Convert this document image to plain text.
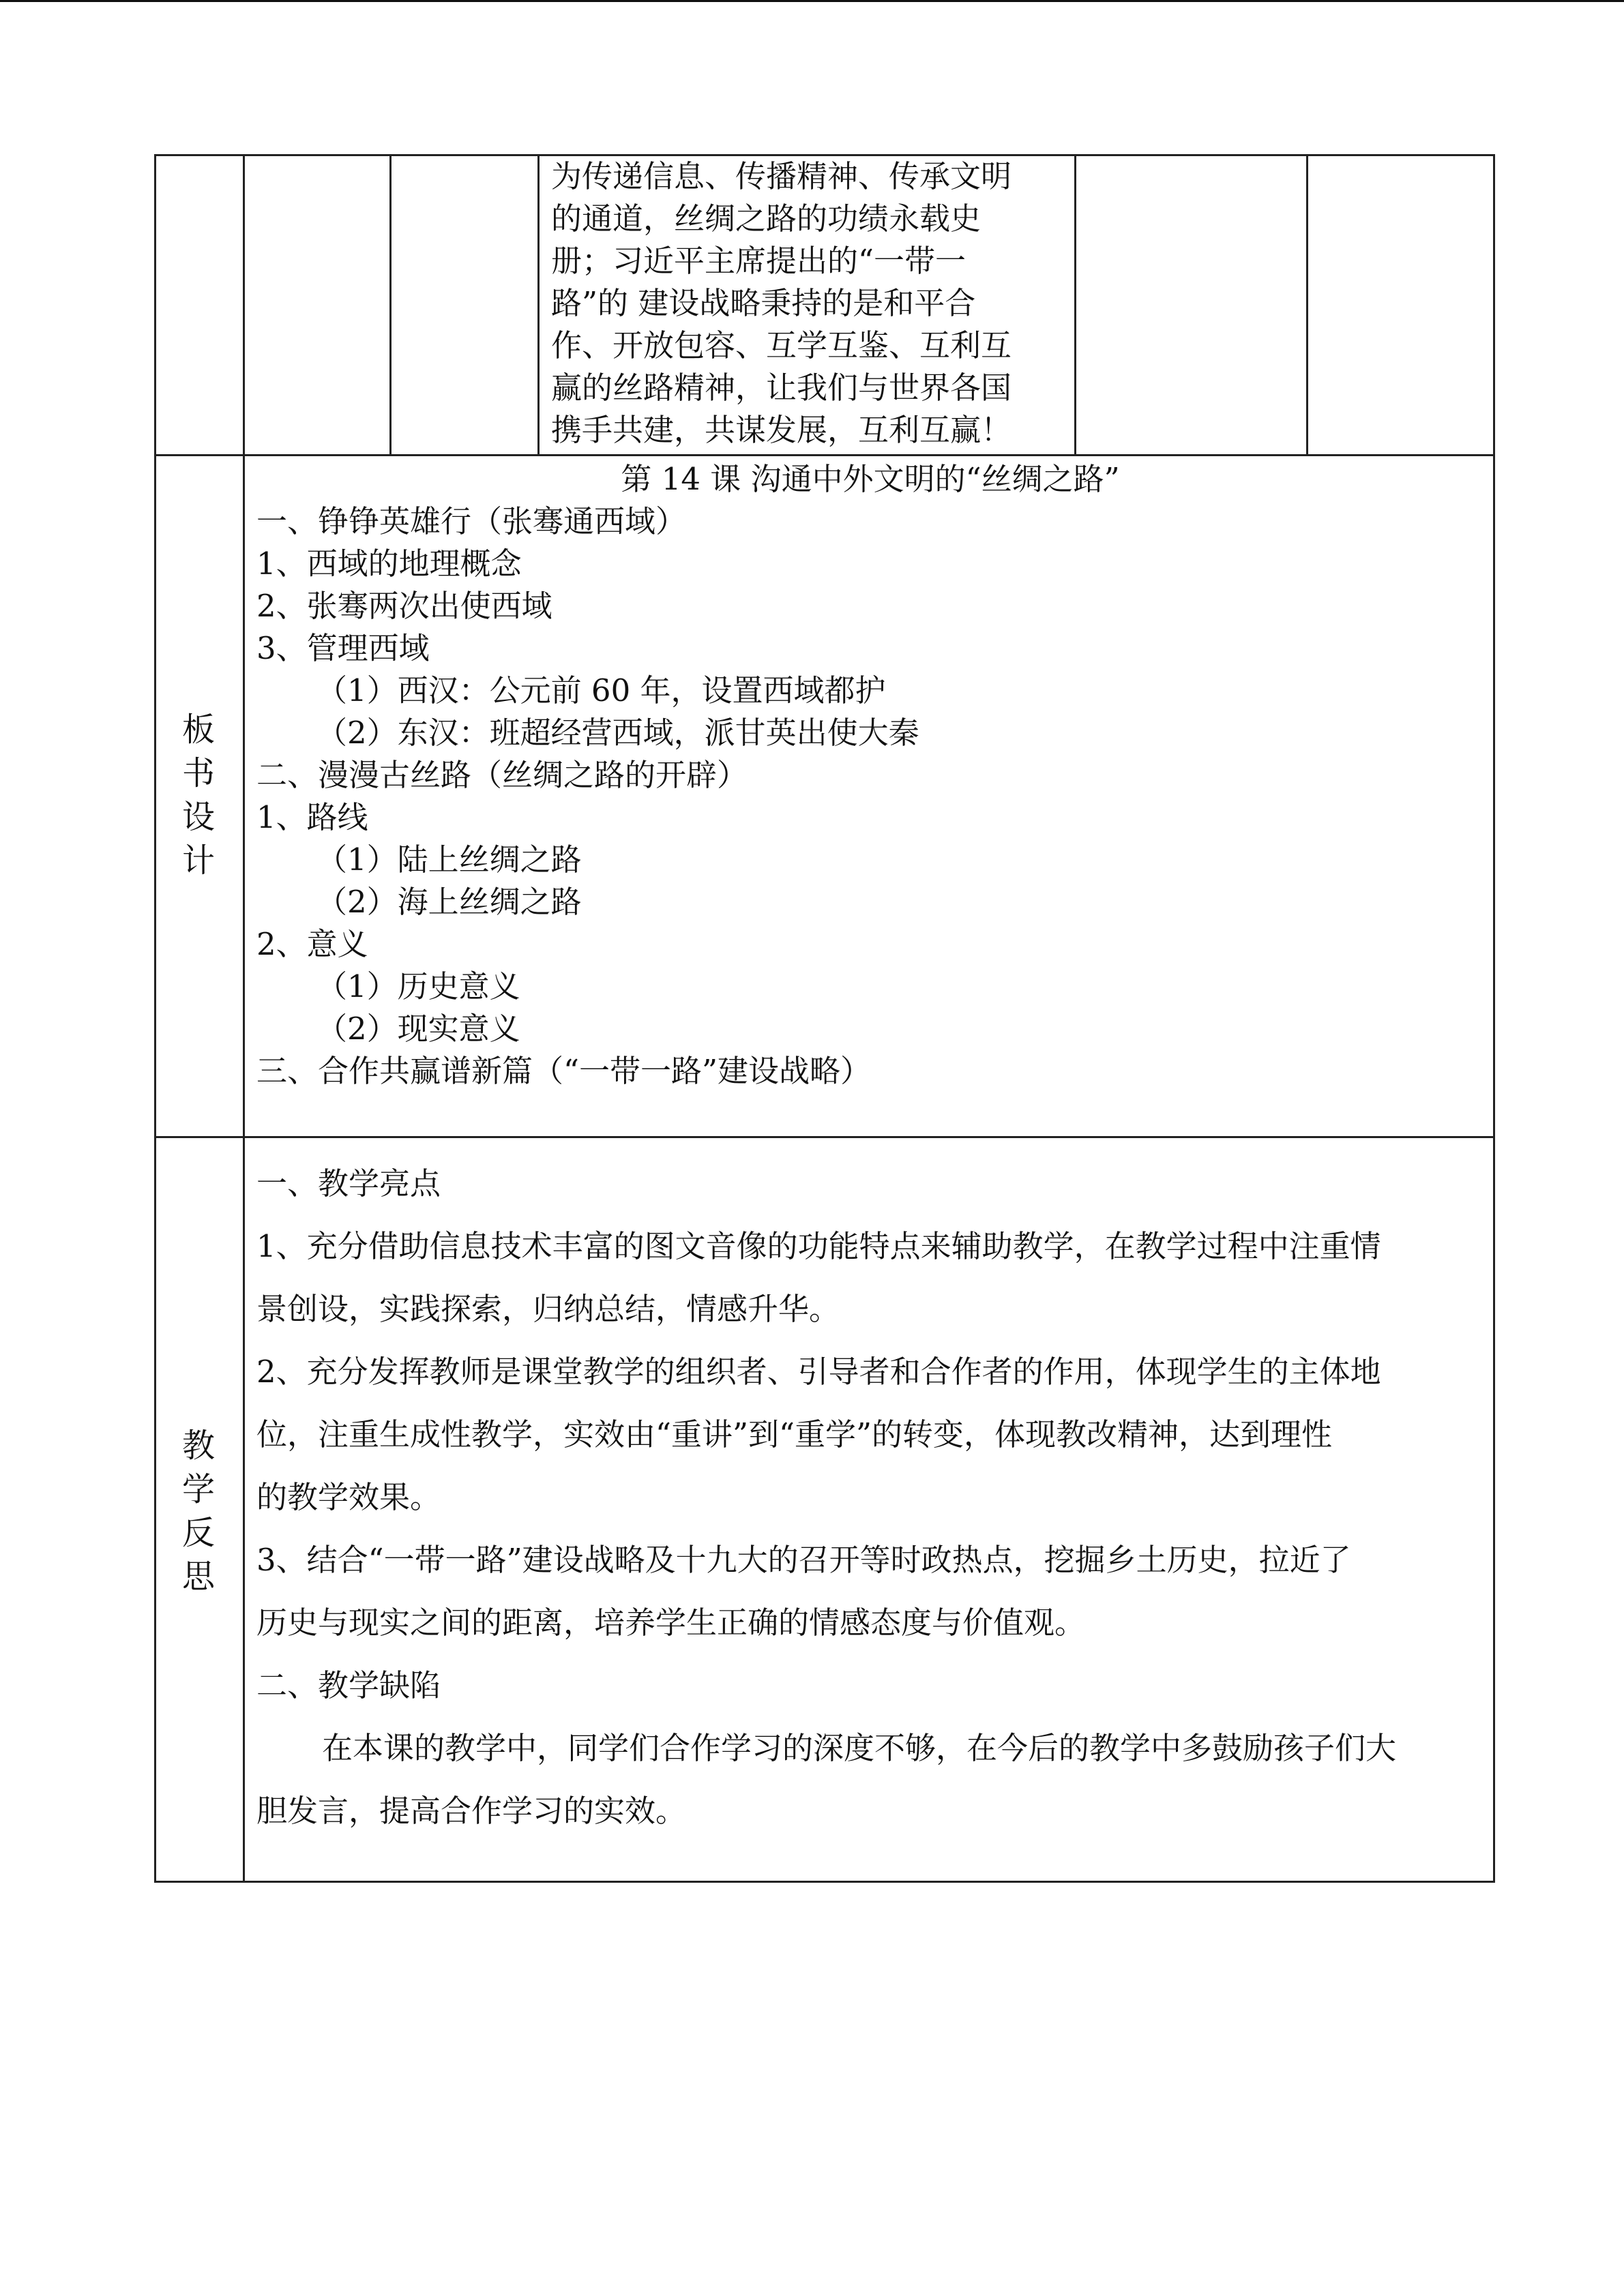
为传递信息、传播精神、传承文明
的通道，丝绸之路的功绩永载史
册；习近平主席提出的“一带一
路”的 建设战略秉持的是和平合
作、开放包容、互学互鉴、互利互
赢的丝路精神，让我们与世界各国
携手共建，共谋发展，互利互赢！
板
书
设
计
第 14 课 沟通中外文明的“丝绸之路”
一、铮铮英雄行（张骞通西域）
1、西域的地理概念
2、张骞两次出使西域
3、管理西域
（1）西汉：公元前 60 年，设置西域都护
（2）东汉：班超经营西域，派甘英出使大秦
二、漫漫古丝路（丝绸之路的开辟）
1、路线
（1）陆上丝绸之路
（2）海上丝绸之路
2、意义
（1）历史意义
（2）现实意义
三、合作共赢谱新篇（“一带一路”建设战略）
教
学
反
思
一、教学亮点
1、充分借助信息技术丰富的图文音像的功能特点来辅助教学，在教学过程中注重情
景创设，实践探索，归纳总结，情感升华。
2、充分发挥教师是课堂教学的组织者、引导者和合作者的作用，体现学生的主体地
位，注重生成性教学，实效由“重讲”到“重学”的转变，体现教改精神，达到理性
的教学效果。
3、结合“一带一路”建设战略及十九大的召开等时政热点，挖掘乡土历史，拉近了
历史与现实之间的距离，培养学生正确的情感态度与价值观。
二、教学缺陷
在本课的教学中，同学们合作学习的深度不够，在今后的教学中多鼓励孩子们大
胆发言，提高合作学习的实效。
